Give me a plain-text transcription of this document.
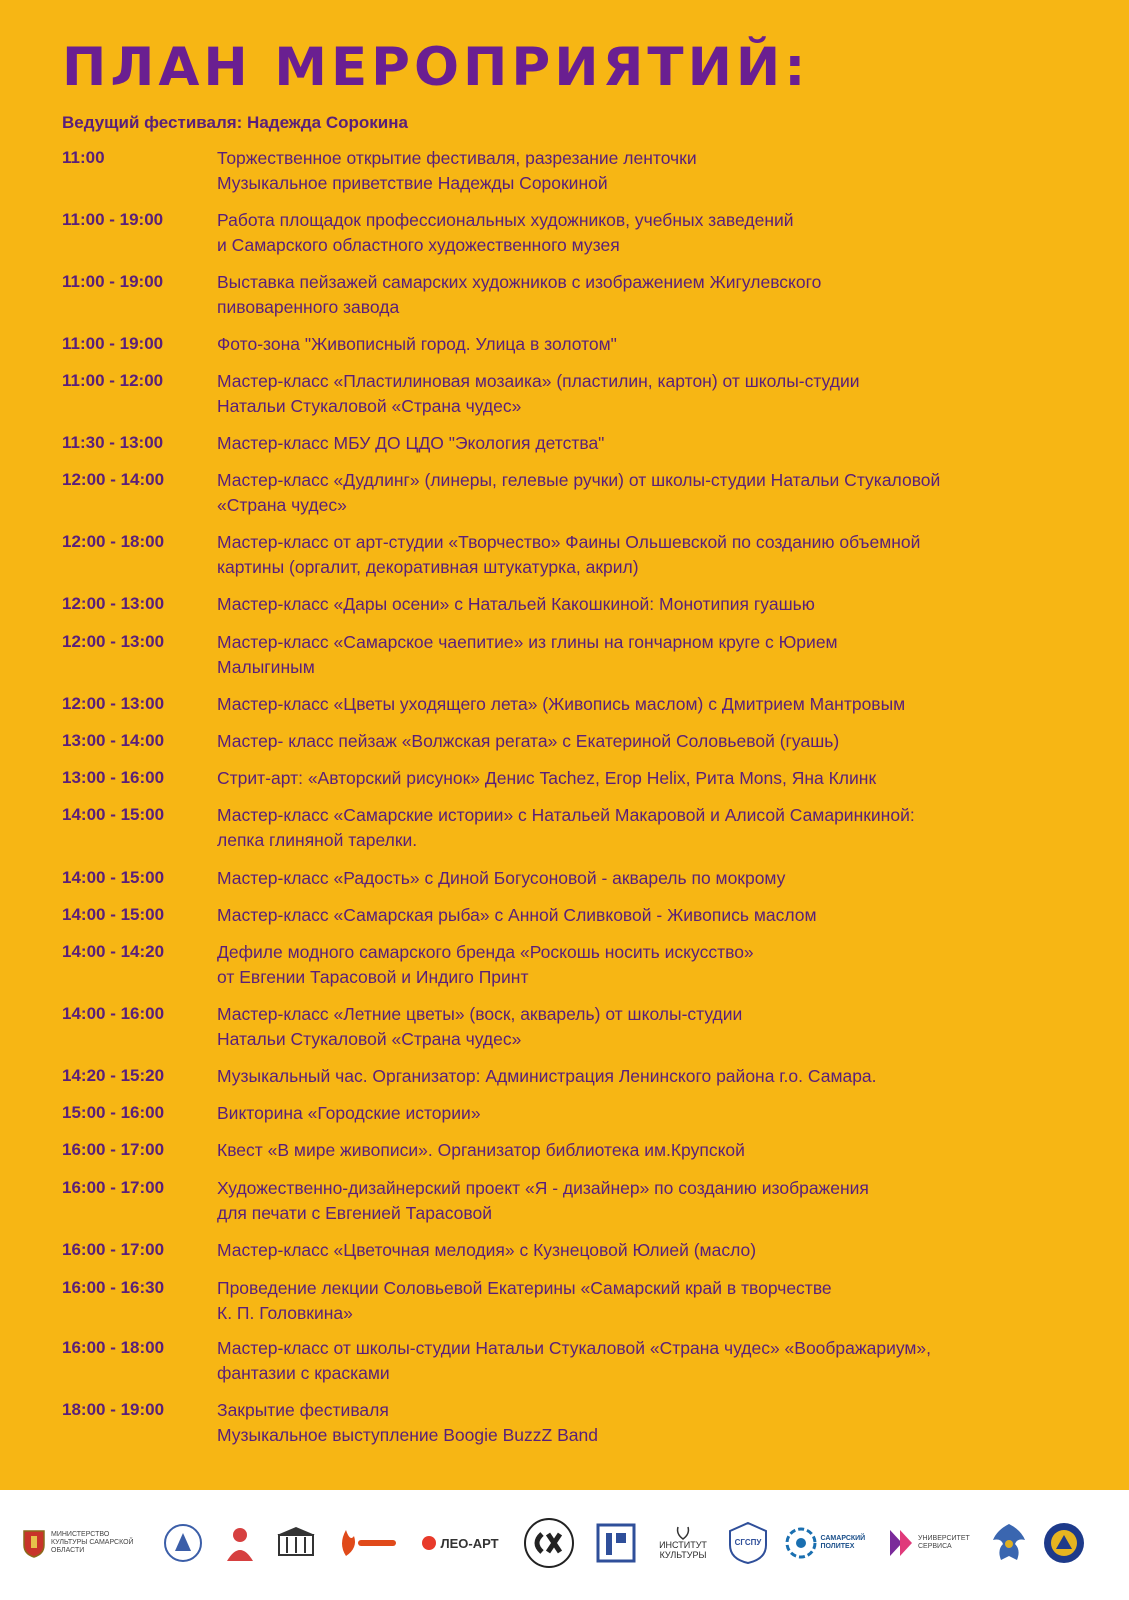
ПЛАН МЕРОПРИЯТИЙ:
Ведущий фестиваля: Надежда Сорокина
11:00	Торжественное открытие фестиваля, разрезание ленточки
Музыкальное приветствие Надежды Сорокиной
11:00 - 19:00	Работа площадок профессиональных художников, учебных заведений
и Самарского областного художественного музея
11:00 - 19:00	Выставка пейзажей самарских художников с изображением Жигулевского
пивоваренного завода
11:00 - 19:00	Фото-зона "Живописный город. Улица в золотом"
11:00 - 12:00	Мастер-класс «Пластилиновая мозаика» (пластилин, картон) от школы-студии
Натальи Стукаловой «Страна чудес»
11:30 - 13:00	Мастер-класс МБУ ДО ЦДО "Экология детства"
12:00 - 14:00	Мастер-класс «Дудлинг» (линеры, гелевые ручки) от школы-студии Натальи Стукаловой
«Страна чудес»
12:00 - 18:00	Мастер-класс от арт-студии «Творчество» Фаины Ольшевской по созданию объемной
картины (оргалит, декоративная штукатурка, акрил)
12:00 - 13:00	Мастер-класс «Дары осени» с Натальей Какошкиной: Монотипия гуашью
12:00 - 13:00	Мастер-класс «Самарское чаепитие» из глины на гончарном круге с Юрием
Малыгиным
12:00 - 13:00	Мастер-класс «Цветы уходящего лета» (Живопись маслом) с Дмитрием Мантровым
13:00 - 14:00	Мастер- класс пейзаж «Волжская регата» с Екатериной Соловьевой (гуашь)
13:00 - 16:00	Стрит-арт: «Авторский рисунок» Денис Tachez, Егор Helix, Рита Mons, Яна Клинк
14:00 - 15:00	Мастер-класс «Самарские истории» с Натальей Макаровой и Алисой Самаринкиной:
лепка глиняной тарелки.
14:00 - 15:00	Мастер-класс «Радость» с Диной Богусоновой - акварель по мокрому
14:00 - 15:00	Мастер-класс «Самарская рыба» с Анной Сливковой - Живопись маслом
14:00 - 14:20	Дефиле модного самарского бренда «Роскошь носить искусство»
от Евгении Тарасовой и Индиго Принт
14:00 - 16:00	Мастер-класс «Летние цветы» (воск, акварель) от школы-студии
Натальи Стукаловой «Страна чудес»
14:20 - 15:20	Музыкальный час. Организатор: Администрация Ленинского района г.о. Самара.
15:00 - 16:00	Викторина «Городские истории»
16:00 - 17:00	Квест «В мире живописи». Организатор библиотека им.Крупской
16:00 - 17:00	Художественно-дизайнерский проект «Я - дизайнер» по созданию изображения
для печати с Евгенией Тарасовой
16:00 - 17:00	Мастер-класс «Цветочная мелодия» с Кузнецовой Юлией (масло)
16:00 - 16:30	Проведение лекции Соловьевой Екатерины «Самарский край в творчестве
К. П. Головкина»
16:00 - 18:00	Мастер-класс от школы-студии Натальи Стукаловой «Страна чудес» «Воображариум»,
фантазии с красками
18:00 - 19:00	Закрытие фестиваля
Музыкальное выступление Boogie BuzzZ Band
МИНИСТЕРСТВО КУЛЬТУРЫ САМАРСКОЙ ОБЛАСТИ	ЛЕО-АРТ	ИНСТИТУТ КУЛЬТУРЫ
СГСПУ	САМАРСКИЙ ПОЛИТЕХ
УНИВЕРСИТЕТ СЕРВИСА
